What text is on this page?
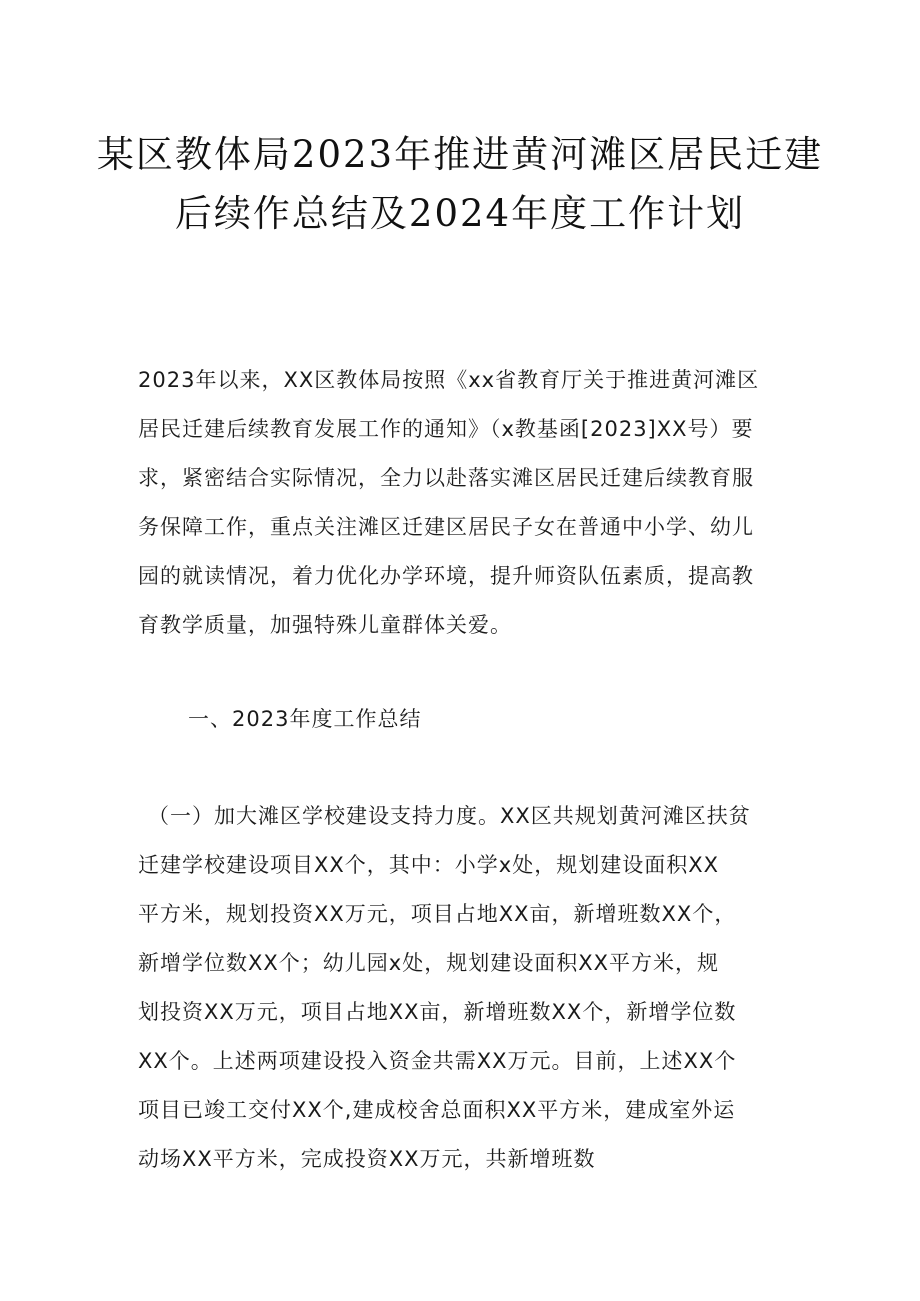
某区教体局2023年推进黄河滩区居民迁建
后续作总结及2024年度工作计划
2023年以来，XX区教体局按照《xx省教育厅关于推进黄河滩区
居民迁建后续教育发展工作的通知》（x教基函[2023]XX号）要
求，紧密结合实际情况，全力以赴落实滩区居民迁建后续教育服
务保障工作，重点关注滩区迁建区居民子女在普通中小学、幼儿
园的就读情况，着力优化办学环境，提升师资队伍素质，提高教
育教学质量，加强特殊儿童群体关爱。
一、2023年度工作总结
（一）加大滩区学校建设支持力度。XX区共规划黄河滩区扶贫
迁建学校建设项目XX个，其中：小学x处，规划建设面积XX
平方米，规划投资XX万元，项目占地XX亩，新增班数XX个，
新增学位数XX个；幼儿园x处，规划建设面积XX平方米，规
划投资XX万元，项目占地XX亩，新增班数XX个，新增学位数
XX个。上述两项建设投入资金共需XX万元。目前，上述XX个
项目已竣工交付XX个,建成校舍总面积XX平方米，建成室外运
动场XX平方米，完成投资XX万元，共新增班数
